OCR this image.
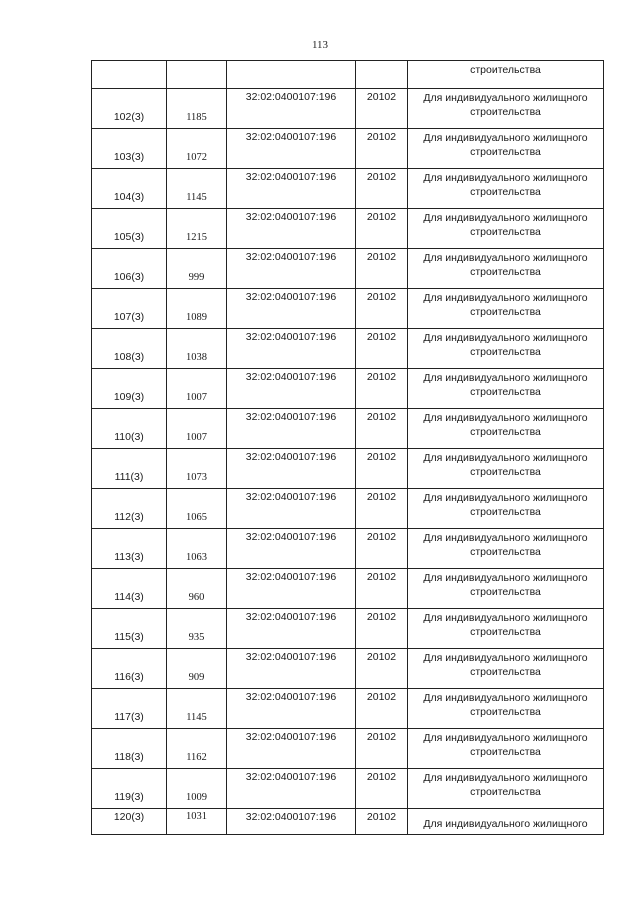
113

				строительства

102(3)	1185	32:02:0400107:196	20102	Для индивидуального жилищного
строительства

103(3)	1072	32:02:0400107:196	20102	Для индивидуального жилищного
строительства

104(3)	1145	32:02:0400107:196	20102	Для индивидуального жилищного
строительства

105(3)	1215	32:02:0400107:196	20102	Для индивидуального жилищного
строительства

106(3)	999	32:02:0400107:196	20102	Для индивидуального жилищного
строительства

107(3)	1089	32:02:0400107:196	20102	Для индивидуального жилищного
строительства

108(3)	1038	32:02:0400107:196	20102	Для индивидуального жилищного
строительства

109(3)	1007	32:02:0400107:196	20102	Для индивидуального жилищного
строительства

110(3)	1007	32:02:0400107:196	20102	Для индивидуального жилищного
строительства

111(3)	1073	32:02:0400107:196	20102	Для индивидуального жилищного
строительства

112(3)	1065	32:02:0400107:196	20102	Для индивидуального жилищного
строительства

113(3)	1063	32:02:0400107:196	20102	Для индивидуального жилищного
строительства

114(3)	960	32:02:0400107:196	20102	Для индивидуального жилищного
строительства

115(3)	935	32:02:0400107:196	20102	Для индивидуального жилищного
строительства

116(3)	909	32:02:0400107:196	20102	Для индивидуального жилищного
строительства

117(3)	1145	32:02:0400107:196	20102	Для индивидуального жилищного
строительства

118(3)	1162	32:02:0400107:196	20102	Для индивидуального жилищного
строительства

119(3)	1009	32:02:0400107:196	20102	Для индивидуального жилищного
строительства

120(3)	1031	32:02:0400107:196	20102	Для индивидуального жилищного
